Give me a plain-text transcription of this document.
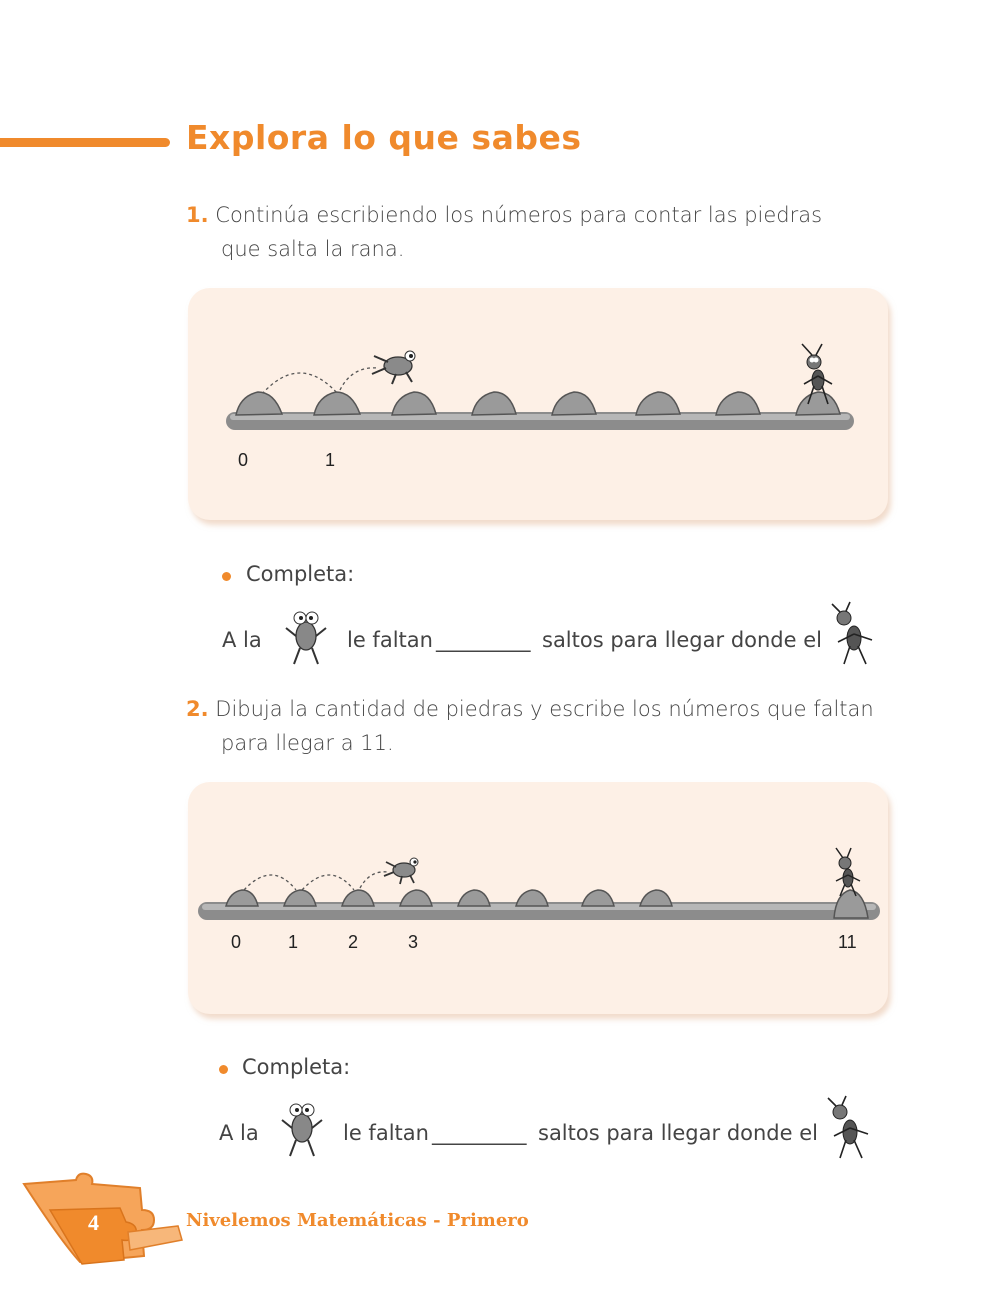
Explora lo que sabes
1. Continúa escribiendo los números para contar las piedras
que salta la rana.
0	1
Completa:
A la	le faltan _________ saltos para llegar donde el
2. Dibuja la cantidad de piedras y escribe los números que faltan
para llegar a 11.
0	1	2	3	11
Completa:
A la	le faltan _________ saltos para llegar donde el
4	Nivelemos Matemáticas - Primero
